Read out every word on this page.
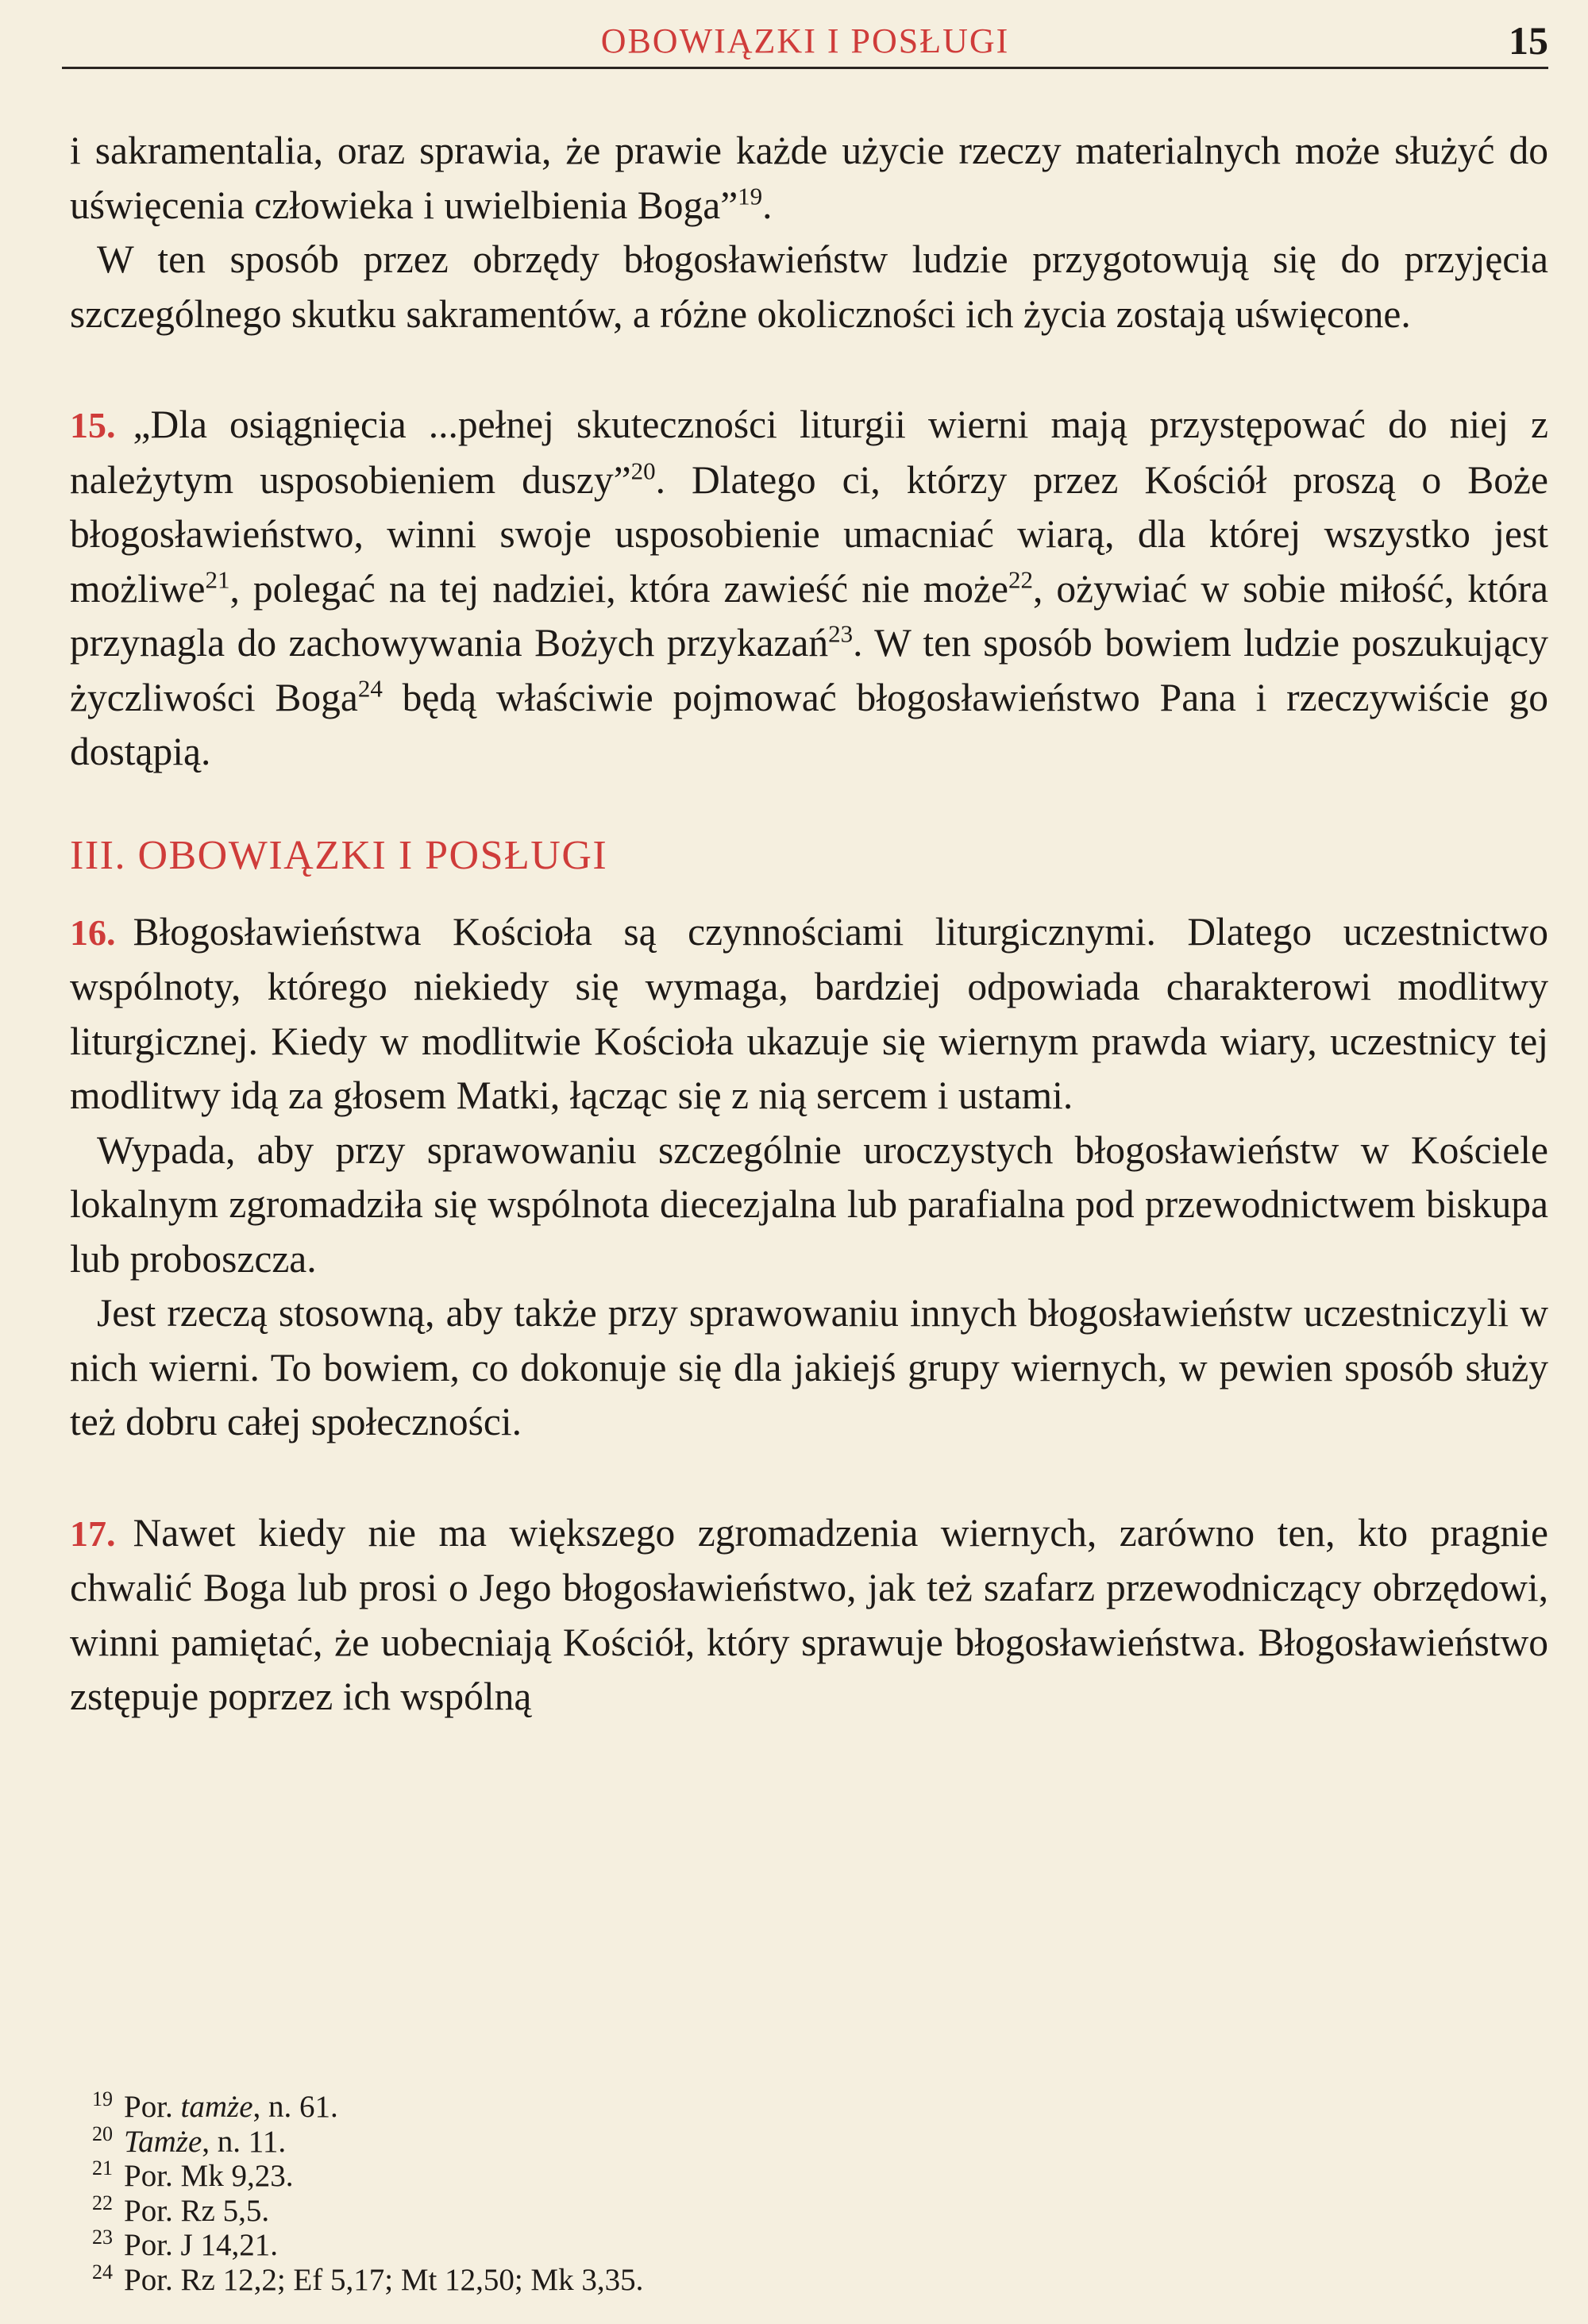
OBOWIĄZKI I POSŁUGI	15

i sakramentalia, oraz sprawia, że prawie każde użycie rzeczy materialnych może służyć do uświęcenia człowieka i uwielbienia Boga”$^{19}$.

W ten sposób przez obrzędy błogosławieństw ludzie przygotowują się do przyjęcia szczególnego skutku sakramentów, a różne okoliczności ich życia zostają uświęcone.

15. „Dla osiągnięcia ...pełnej skuteczności liturgii wierni mają przystępować do niej z należytym usposobieniem duszy”$^{20}$. Dlatego ci, którzy przez Kościół proszą o Boże błogosławieństwo, winni swoje usposobienie umacniać wiarą, dla której wszystko jest możliwe$^{21}$, polegać na tej nadziei, która zawieść nie może$^{22}$, ożywiać w sobie miłość, która przynagla do zachowywania Bożych przykazań$^{23}$. W ten sposób bowiem ludzie poszukujący życzliwości Boga$^{24}$ będą właściwie pojmować błogosławieństwo Pana i rzeczywiście go dostąpią.

III. OBOWIĄZKI I POSŁUGI

16. Błogosławieństwa Kościoła są czynnościami liturgicznymi. Dlatego uczestnictwo wspólnoty, którego niekiedy się wymaga, bardziej odpowiada charakterowi modlitwy liturgicznej. Kiedy w modlitwie Kościoła ukazuje się wiernym prawda wiary, uczestnicy tej modlitwy idą za głosem Matki, łącząc się z nią sercem i ustami.

Wypada, aby przy sprawowaniu szczególnie uroczystych błogosławieństw w Kościele lokalnym zgromadziła się wspólnota diecezjalna lub parafialna pod przewodnictwem biskupa lub proboszcza.

Jest rzeczą stosowną, aby także przy sprawowaniu innych błogosławieństw uczestniczyli w nich wierni. To bowiem, co dokonuje się dla jakiejś grupy wiernych, w pewien sposób służy też dobru całej społeczności.

17. Nawet kiedy nie ma większego zgromadzenia wiernych, zarówno ten, kto pragnie chwalić Boga lub prosi o Jego błogosławieństwo, jak też szafarz przewodniczący obrzędowi, winni pamiętać, że uobecniają Kościół, który sprawuje błogosławieństwa. Błogosławieństwo zstępuje poprzez ich wspólną

$^{19}$ Por. tamże, n. 61.
$^{20}$ Tamże, n. 11.
$^{21}$ Por. Mk 9,23.
$^{22}$ Por. Rz 5,5.
$^{23}$ Por. J 14,21.
$^{24}$ Por. Rz 12,2; Ef 5,17; Mt 12,50; Mk 3,35.
